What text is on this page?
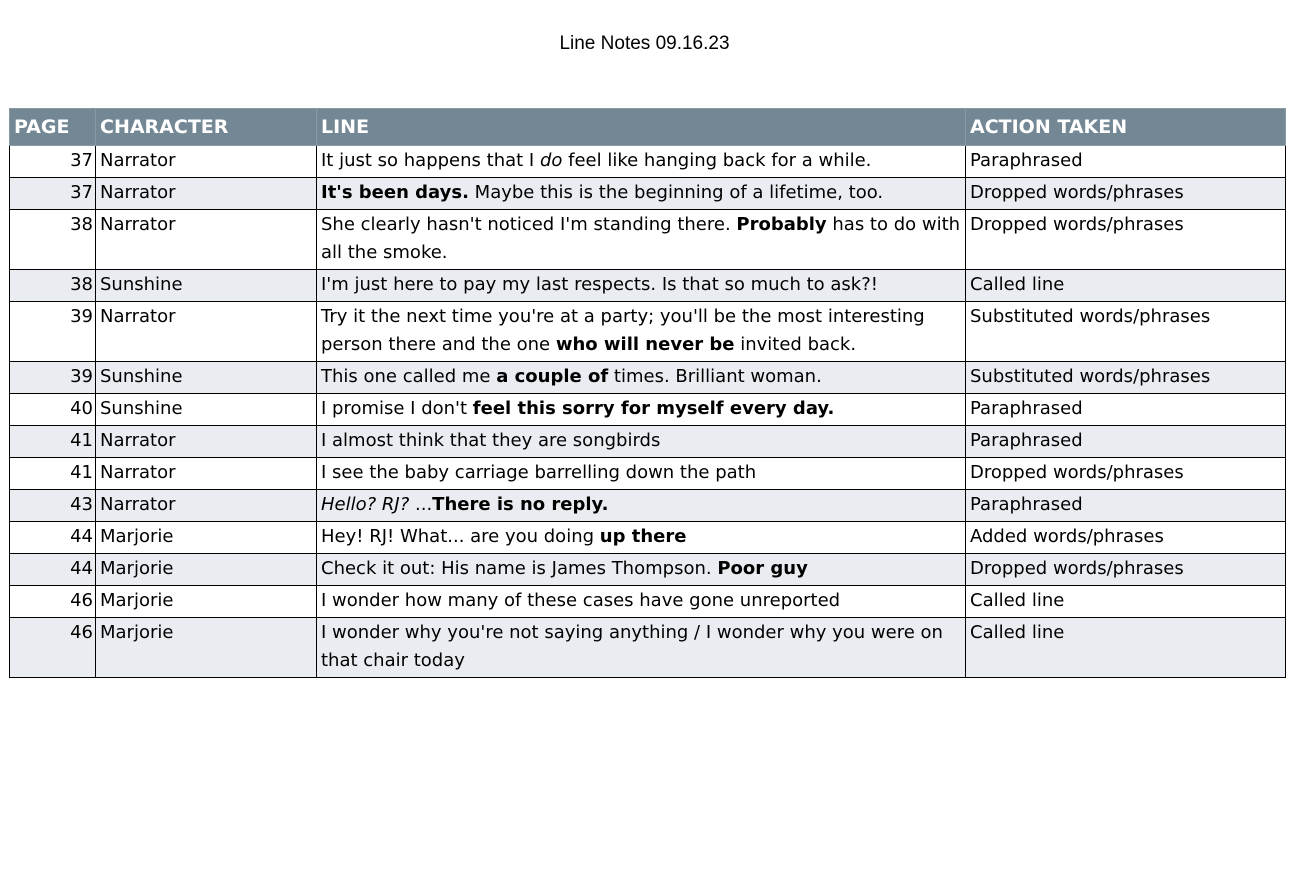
Line Notes 09.16.23
PAGE	CHARACTER	LINE	ACTION TAKEN
37	Narrator	It just so happens that I do feel like hanging back for a while.	Paraphrased
37	Narrator	It's been days. Maybe this is the beginning of a lifetime, too.	Dropped words/phrases
38	Narrator	She clearly hasn't noticed I'm standing there. Probably has to do with all the smoke.	Dropped words/phrases
38	Sunshine	I'm just here to pay my last respects. Is that so much to ask?!	Called line
39	Narrator	Try it the next time you're at a party; you'll be the most interesting person there and the one who will never be invited back.	Substituted words/phrases
39	Sunshine	This one called me a couple of times. Brilliant woman.	Substituted words/phrases
40	Sunshine	I promise I don't feel this sorry for myself every day.	Paraphrased
41	Narrator	I almost think that they are songbirds	Paraphrased
41	Narrator	I see the baby carriage barrelling down the path	Dropped words/phrases
43	Narrator	Hello? RJ? ...There is no reply.	Paraphrased
44	Marjorie	Hey! RJ! What... are you doing up there	Added words/phrases
44	Marjorie	Check it out: His name is James Thompson. Poor guy	Dropped words/phrases
46	Marjorie	I wonder how many of these cases have gone unreported	Called line
46	Marjorie	I wonder why you're not saying anything / I wonder why you were on that chair today	Called line
